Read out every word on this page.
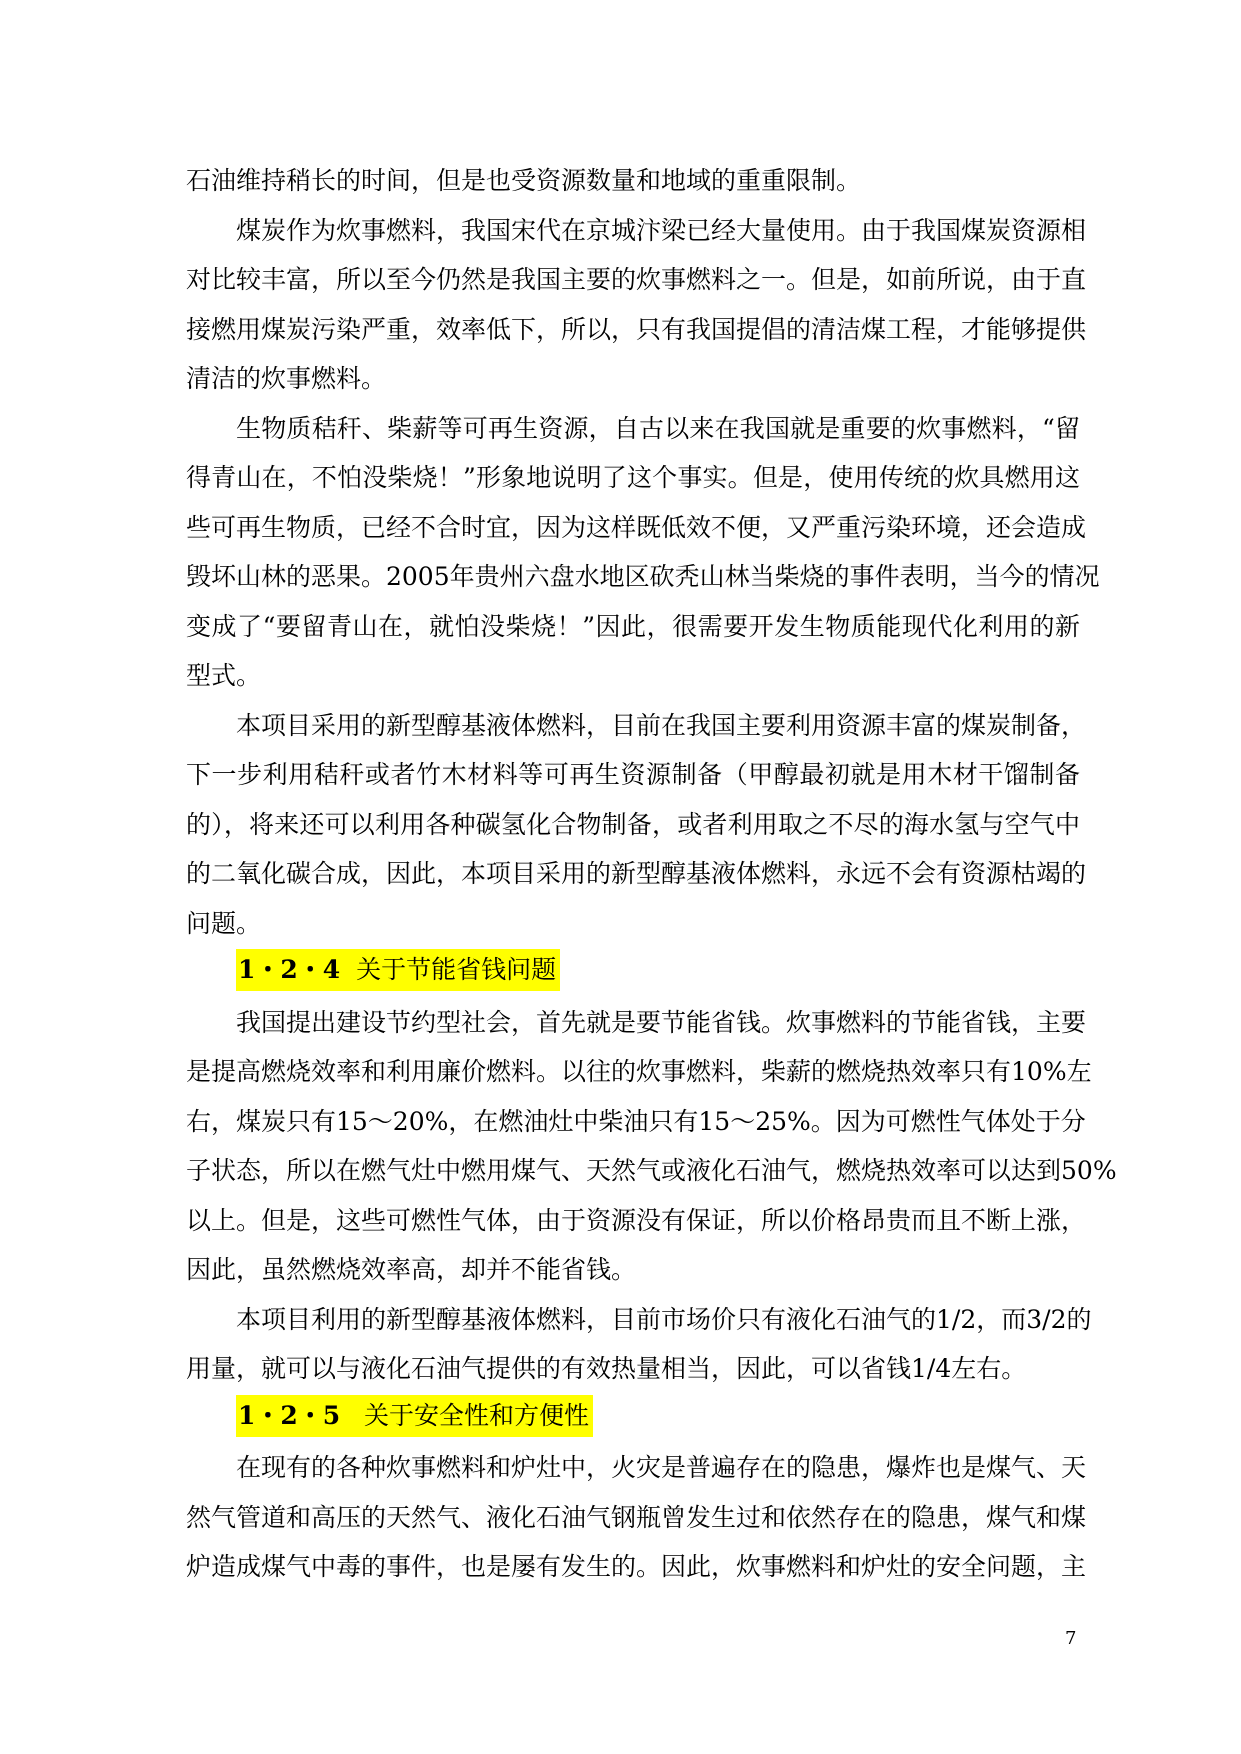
石油维持稍长的时间，但是也受资源数量和地域的重重限制。
煤炭作为炊事燃料，我国宋代在京城汴梁已经大量使用。由于我国煤炭资源相
对比较丰富，所以至今仍然是我国主要的炊事燃料之一。但是，如前所说，由于直
接燃用煤炭污染严重，效率低下，所以，只有我国提倡的清洁煤工程，才能够提供
清洁的炊事燃料。
生物质秸秆、柴薪等可再生资源，自古以来在我国就是重要的炊事燃料，“留
得青山在，不怕没柴烧！”形象地说明了这个事实。但是，使用传统的炊具燃用这
些可再生物质，已经不合时宜，因为这样既低效不便，又严重污染环境，还会造成
毁坏山林的恶果。2005年贵州六盘水地区砍秃山林当柴烧的事件表明，当今的情况
变成了“要留青山在，就怕没柴烧！”因此，很需要开发生物质能现代化利用的新
型式。
本项目采用的新型醇基液体燃料，目前在我国主要利用资源丰富的煤炭制备，
下一步利用秸秆或者竹木材料等可再生资源制备（甲醇最初就是用木材干馏制备
的），将来还可以利用各种碳氢化合物制备，或者利用取之不尽的海水氢与空气中
的二氧化碳合成，因此，本项目采用的新型醇基液体燃料，永远不会有资源枯竭的
问题。
1・2・4 关于节能省钱问题
我国提出建设节约型社会，首先就是要节能省钱。炊事燃料的节能省钱，主要
是提高燃烧效率和利用廉价燃料。以往的炊事燃料，柴薪的燃烧热效率只有10%左
右，煤炭只有15～20%，在燃油灶中柴油只有15～25%。因为可燃性气体处于分
子状态，所以在燃气灶中燃用煤气、天然气或液化石油气，燃烧热效率可以达到50%
以上。但是，这些可燃性气体，由于资源没有保证，所以价格昂贵而且不断上涨，
因此，虽然燃烧效率高，却并不能省钱。
本项目利用的新型醇基液体燃料，目前市场价只有液化石油气的1/2，而3/2的
用量，就可以与液化石油气提供的有效热量相当，因此，可以省钱1/4左右。
1・2・5 关于安全性和方便性
在现有的各种炊事燃料和炉灶中，火灾是普遍存在的隐患，爆炸也是煤气、天
然气管道和高压的天然气、液化石油气钢瓶曾发生过和依然存在的隐患，煤气和煤
炉造成煤气中毒的事件，也是屡有发生的。因此，炊事燃料和炉灶的安全问题，主
7
